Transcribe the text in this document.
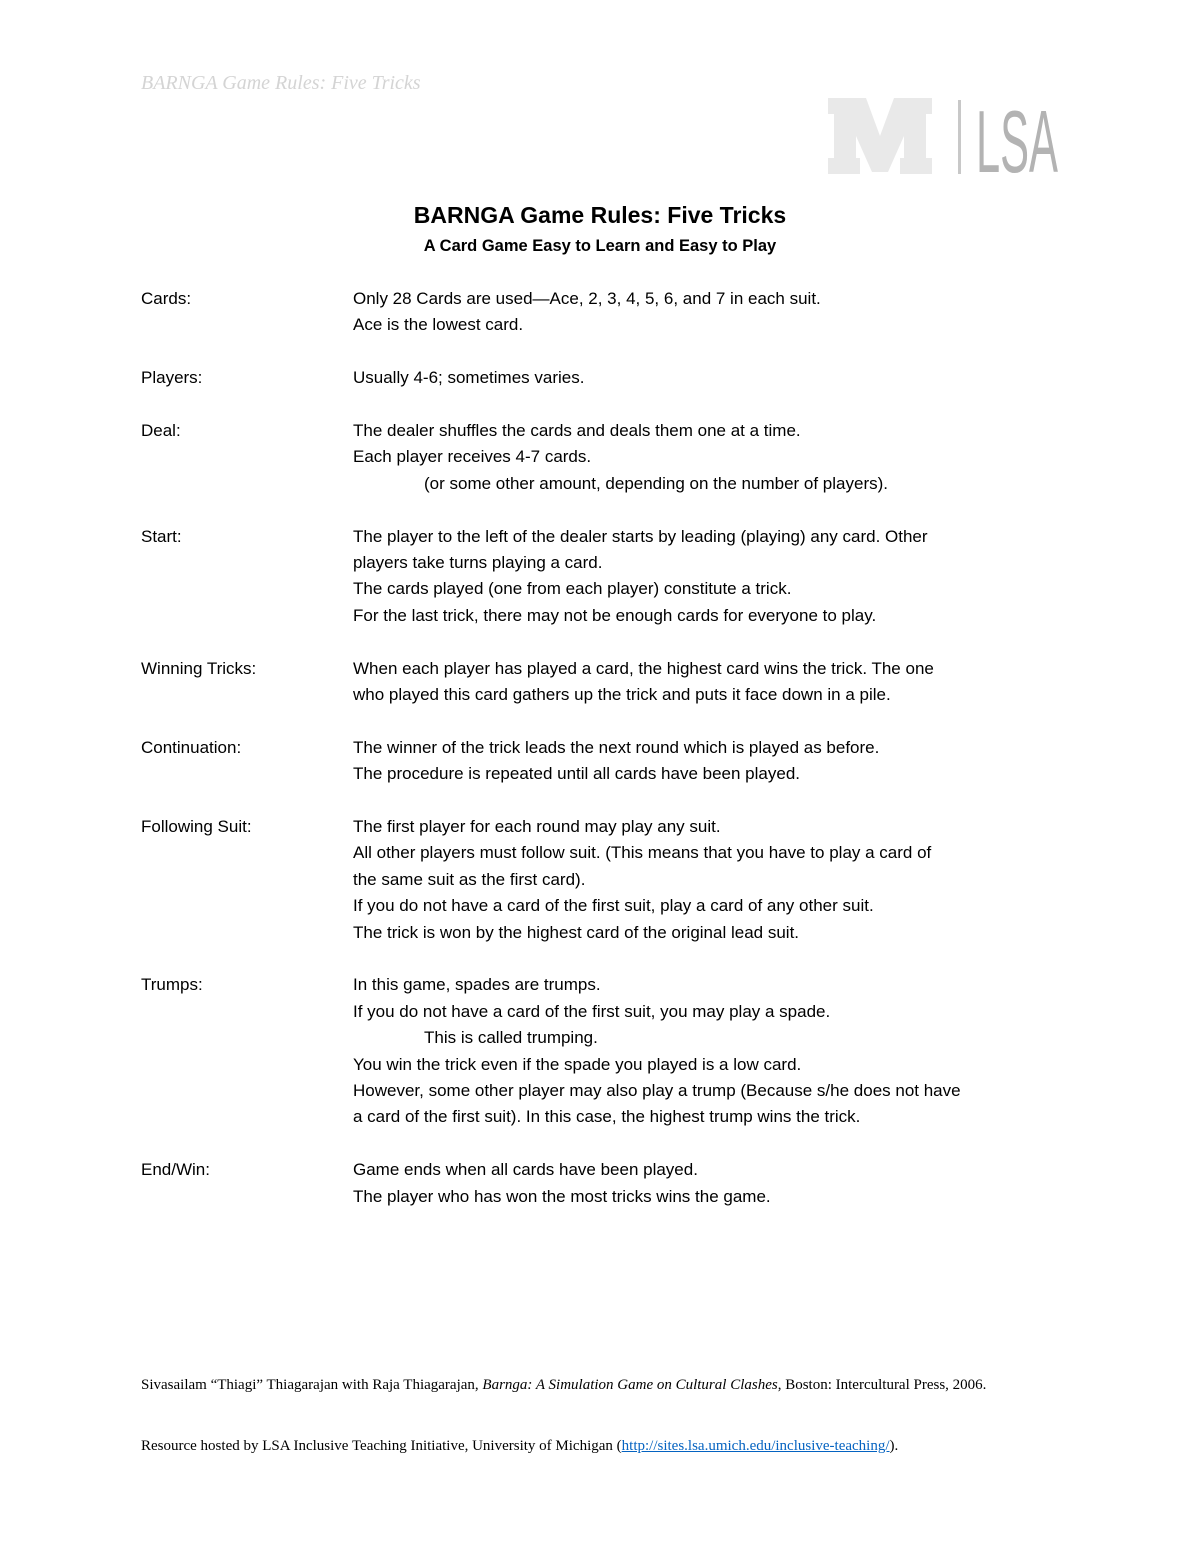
BARNGA Game Rules: Five Tricks
LSA
BARNGA Game Rules: Five Tricks
A Card Game Easy to Learn and Easy to Play
Cards:	Only 28 Cards are used—Ace, 2, 3, 4, 5, 6, and 7 in each suit.
Ace is the lowest card.
Players:	Usually 4-6; sometimes varies.
Deal:	The dealer shuffles the cards and deals them one at a time.
Each player receives 4-7 cards.
(or some other amount, depending on the number of players).
Start:	The player to the left of the dealer starts by leading (playing) any card. Other
players take turns playing a card.
The cards played (one from each player) constitute a trick.
For the last trick, there may not be enough cards for everyone to play.
Winning Tricks:	When each player has played a card, the highest card wins the trick. The one
who played this card gathers up the trick and puts it face down in a pile.
Continuation:	The winner of the trick leads the next round which is played as before.
The procedure is repeated until all cards have been played.
Following Suit:	The first player for each round may play any suit.
All other players must follow suit. (This means that you have to play a card of
the same suit as the first card).
If you do not have a card of the first suit, play a card of any other suit.
The trick is won by the highest card of the original lead suit.
Trumps:	In this game, spades are trumps.
If you do not have a card of the first suit, you may play a spade.
This is called trumping.
You win the trick even if the spade you played is a low card.
However, some other player may also play a trump (Because s/he does not have
a card of the first suit). In this case, the highest trump wins the trick.
End/Win:	Game ends when all cards have been played.
The player who has won the most tricks wins the game.
Sivasailam “Thiagi” Thiagarajan with Raja Thiagarajan, Barnga: A Simulation Game on Cultural Clashes, Boston: Intercultural Press, 2006.
Resource hosted by LSA Inclusive Teaching Initiative, University of Michigan (http://sites.lsa.umich.edu/inclusive-teaching/).
